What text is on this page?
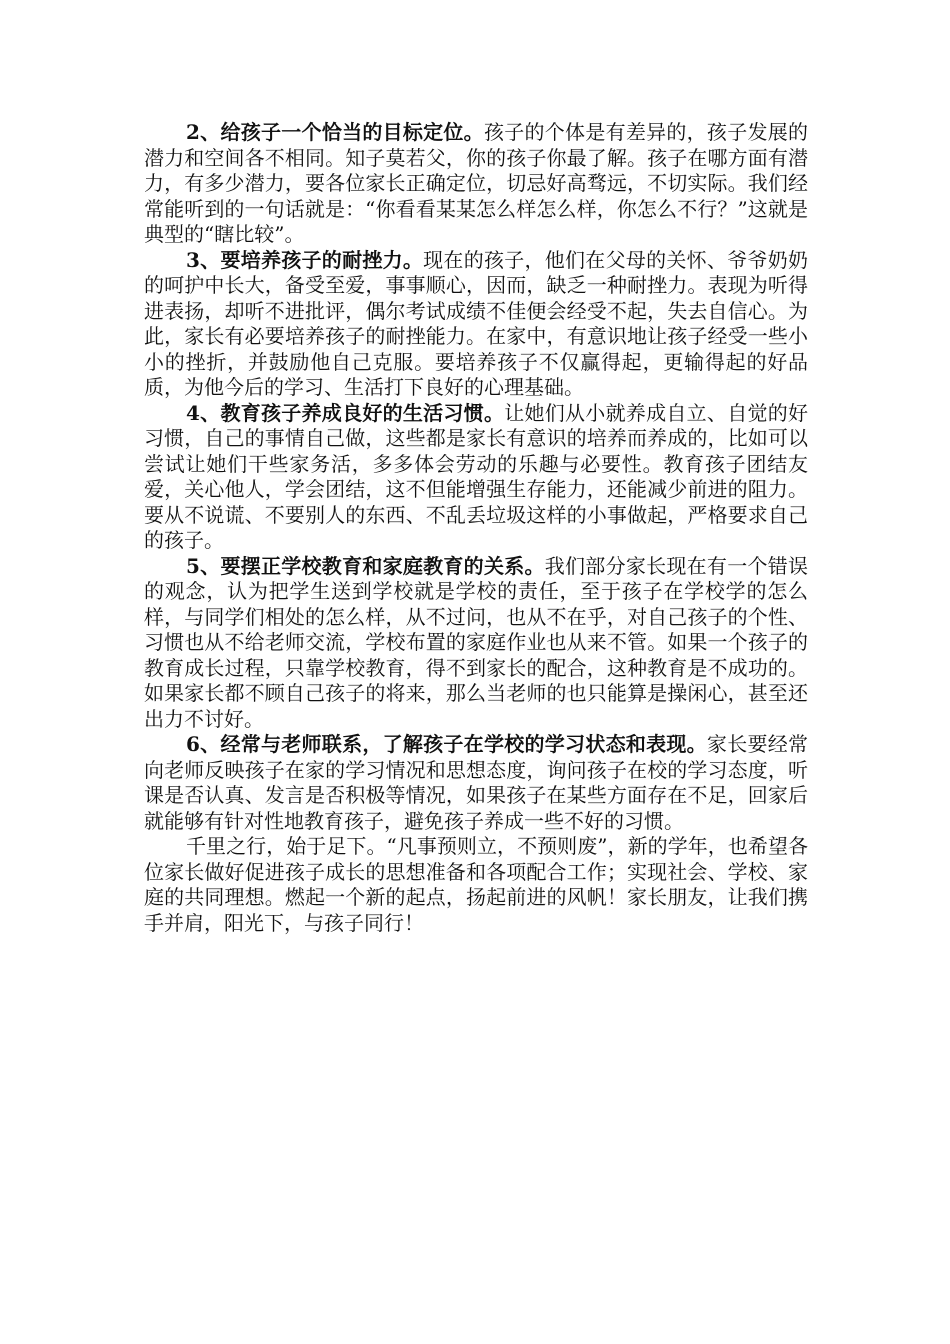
2、给孩子一个恰当的目标定位。孩子的个体是有差异的，孩子发展的潜力和空间各不相同。知子莫若父，你的孩子你最了解。孩子在哪方面有潜力，有多少潜力，要各位家长正确定位，切忌好高骛远，不切实际。我们经常能听到的一句话就是：“你看看某某怎么样怎么样，你怎么不行？”这就是典型的“瞎比较”。

3、要培养孩子的耐挫力。现在的孩子，他们在父母的关怀、爷爷奶奶的呵护中长大，备受至爱，事事顺心，因而，缺乏一种耐挫力。表现为听得进表扬，却听不进批评，偶尔考试成绩不佳便会经受不起，失去自信心。为此，家长有必要培养孩子的耐挫能力。在家中，有意识地让孩子经受一些小小的挫折，并鼓励他自己克服。要培养孩子不仅赢得起，更输得起的好品质，为他今后的学习、生活打下良好的心理基础。

4、教育孩子养成良好的生活习惯。让她们从小就养成自立、自觉的好习惯，自己的事情自己做，这些都是家长有意识的培养而养成的，比如可以尝试让她们干些家务活，多多体会劳动的乐趣与必要性。教育孩子团结友爱，关心他人，学会团结，这不但能增强生存能力，还能减少前进的阻力。要从不说谎、不要别人的东西、不乱丢垃圾这样的小事做起，严格要求自己的孩子。

5、要摆正学校教育和家庭教育的关系。我们部分家长现在有一个错误的观念，认为把学生送到学校就是学校的责任，至于孩子在学校学的怎么样，与同学们相处的怎么样，从不过问，也从不在乎，对自己孩子的个性、习惯也从不给老师交流，学校布置的家庭作业也从来不管。如果一个孩子的教育成长过程，只靠学校教育，得不到家长的配合，这种教育是不成功的。如果家长都不顾自己孩子的将来，那么当老师的也只能算是操闲心，甚至还出力不讨好。

6、经常与老师联系，了解孩子在学校的学习状态和表现。家长要经常向老师反映孩子在家的学习情况和思想态度，询问孩子在校的学习态度，听课是否认真、发言是否积极等情况，如果孩子在某些方面存在不足，回家后就能够有针对性地教育孩子，避免孩子养成一些不好的习惯。

千里之行，始于足下。“凡事预则立，不预则废”，新的学年，也希望各位家长做好促进孩子成长的思想准备和各项配合工作；实现社会、学校、家庭的共同理想。燃起一个新的起点，扬起前进的风帆！家长朋友，让我们携手并肩，阳光下，与孩子同行！
